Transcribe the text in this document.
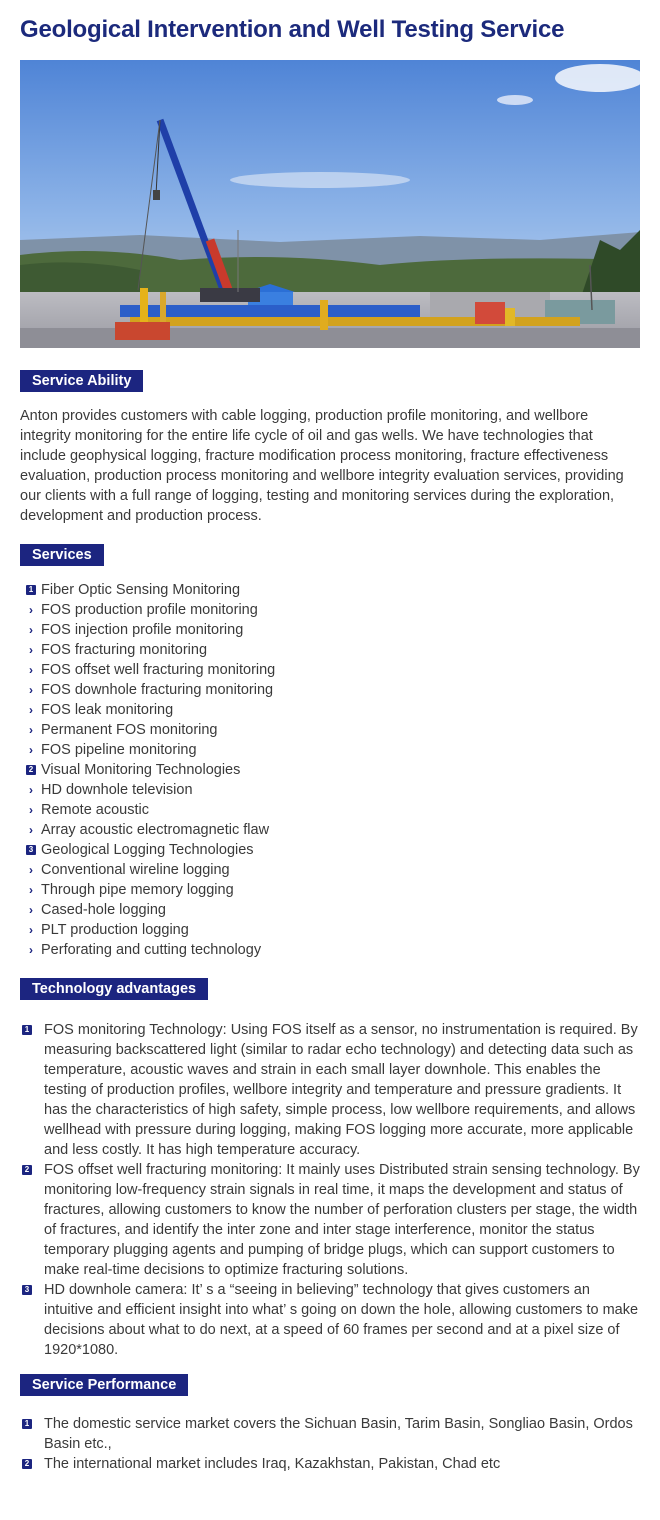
Geological Intervention and Well Testing Service
Service Ability

Anton provides customers with cable logging, production profile monitoring, and wellbore integrity monitoring for the entire life cycle of oil and gas wells. We have technologies that include geophysical logging, fracture modification process monitoring, fracture effectiveness evaluation, production process monitoring and wellbore integrity evaluation services, providing our clients with a full range of logging, testing and monitoring services during the exploration, development and production process.

Services
1 Fiber Optic Sensing Monitoring
› FOS production profile monitoring
› FOS injection profile monitoring
› FOS fracturing monitoring
› FOS offset well fracturing monitoring
› FOS downhole fracturing monitoring
› FOS leak monitoring
› Permanent FOS monitoring
› FOS pipeline monitoring
2 Visual Monitoring Technologies
› HD downhole television
› Remote acoustic
› Array acoustic electromagnetic flaw
3 Geological Logging Technologies
› Conventional wireline logging
› Through pipe memory logging
› Cased-hole logging
› PLT production logging
› Perforating and cutting technology
Technology advantages
1 FOS monitoring Technology: Using FOS itself as a sensor, no instrumentation is required. By measuring backscattered light (similar to radar echo technology) and detecting data such as temperature, acoustic waves and strain in each small layer downhole. This enables the testing of production profiles, wellbore integrity and temperature and pressure gradients. It has the characteristics of high safety, simple process, low wellbore requirements, and allows wellhead with pressure during logging, making FOS logging more accurate, more applicable and less costly. It has high temperature accuracy.
2 FOS offset well fracturing monitoring: It mainly uses Distributed strain sensing technology. By monitoring low-frequency strain signals in real time, it maps the development and status of fractures, allowing customers to know the number of perforation clusters per stage, the width of fractures, and identify the inter zone and inter stage interference, monitor the status temporary plugging agents and pumping of bridge plugs, which can support customers to make real-time decisions to optimize fracturing solutions.
3 HD downhole camera: It’ s a “seeing in believing” technology that gives customers an intuitive and efficient insight into what’ s going on down the hole, allowing customers to make decisions about what to do next, at a speed of 60 frames per second and at a pixel size of 1920*1080.
Service Performance
1 The domestic service market covers the Sichuan Basin, Tarim Basin, Songliao Basin, Ordos Basin etc.,
2 The international market includes Iraq, Kazakhstan, Pakistan, Chad etc
